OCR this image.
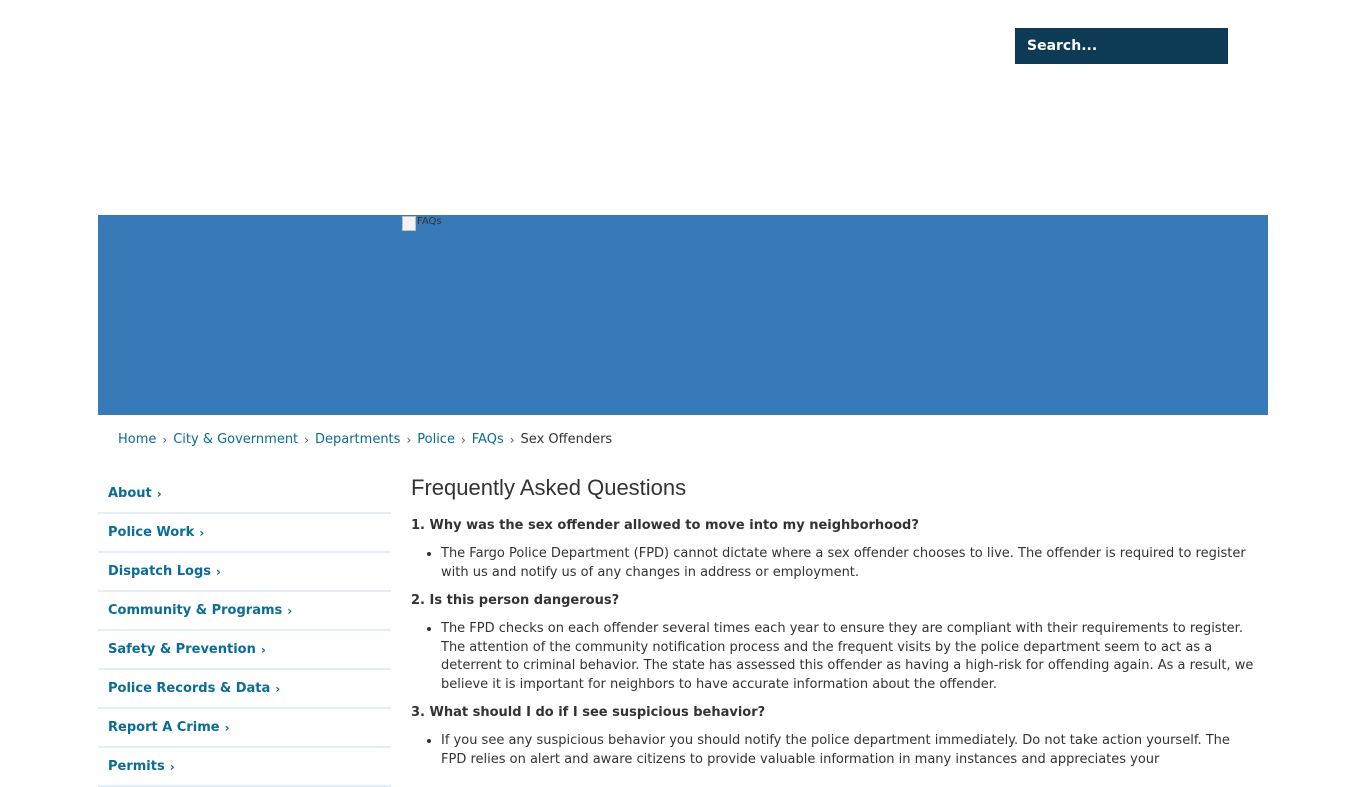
Search...
FAQs
Home › City & Government › Departments › Police › FAQs › Sex Offenders
About ›
Police Work ›
Dispatch Logs ›
Community & Programs ›
Safety & Prevention ›
Police Records & Data ›
Report A Crime ›
Permits ›
Frequently Asked Questions

1. Why was the sex offender allowed to move into my neighborhood?

• The Fargo Police Department (FPD) cannot dictate where a sex offender chooses to live. The offender is required to register with us and notify us of any changes in address or employment.

2. Is this person dangerous?

• The FPD checks on each offender several times each year to ensure they are compliant with their requirements to register. The attention of the community notification process and the frequent visits by the police department seem to act as a deterrent to criminal behavior. The state has assessed this offender as having a high-risk for offending again. As a result, we believe it is important for neighbors to have accurate information about the offender.

3. What should I do if I see suspicious behavior?

• If you see any suspicious behavior you should notify the police department immediately. Do not take action yourself. The FPD relies on alert and aware citizens to provide valuable information in many instances and appreciates your
